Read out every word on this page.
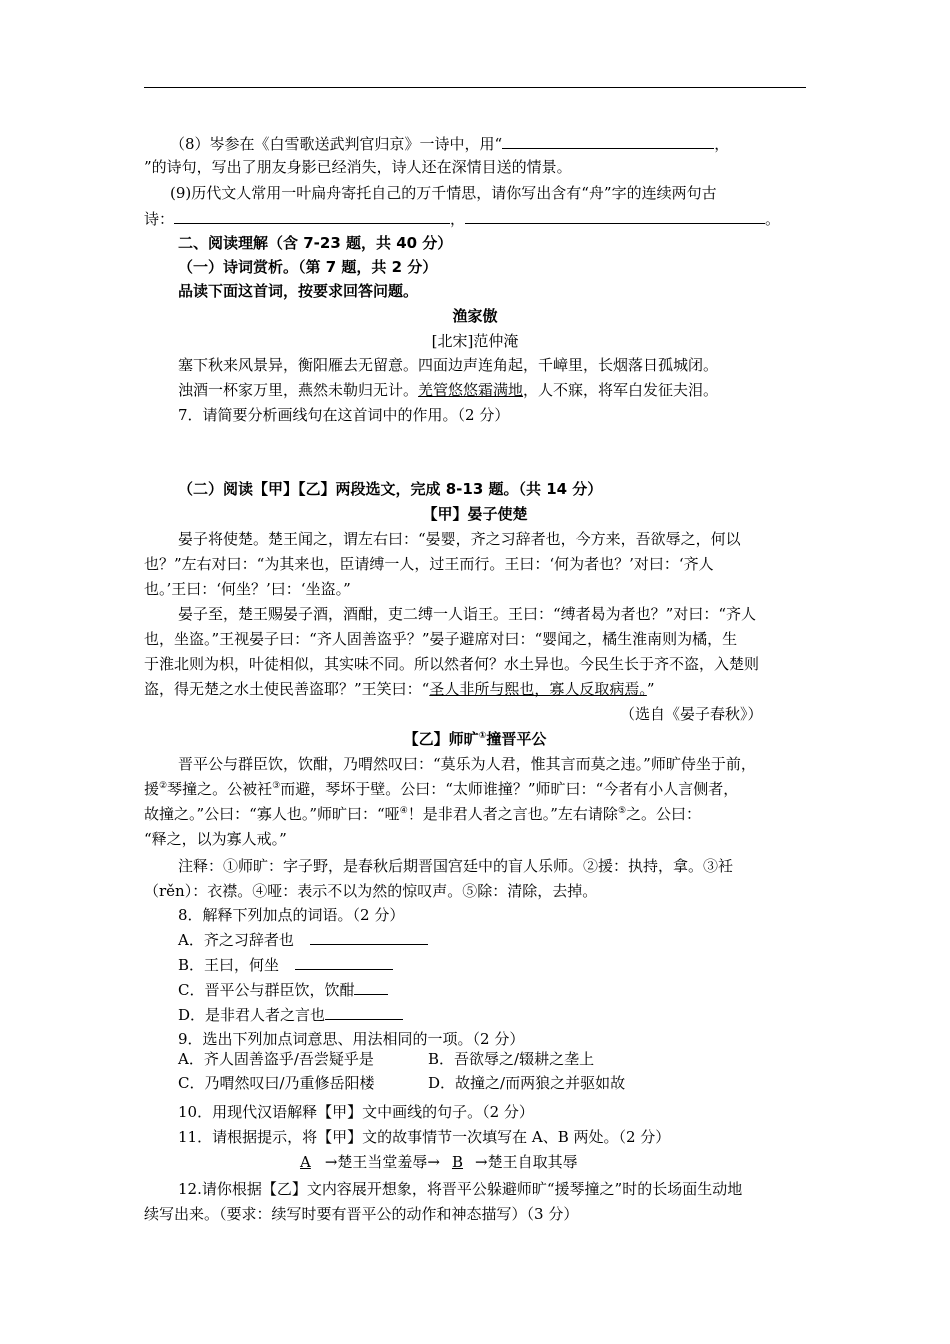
（8）岑参在《白雪歌送武判官归京》一诗中，用“	，
”的诗句，写出了朋友身影已经消失，诗人还在深情目送的情景。
(9)历代文人常用一叶扁舟寄托自己的万千情思，请你写出含有“舟”字的连续两句古
诗：	，	。
二、阅读理解（含 7-23 题，共 40 分）
（一）诗词赏析。（第 7 题，共 2 分）
品读下面这首词，按要求回答问题。
渔家傲
[北宋]范仲淹
塞下秋来风景异，衡阳雁去无留意。四面边声连角起，千嶂里，长烟落日孤城闭。
浊酒一杯家万里，燕然未勒归无计。羌管悠悠霜满地，人不寐，将军白发征夫泪。
7．请简要分析画线句在这首词中的作用。（2 分）
（二）阅读【甲】【乙】两段选文，完成 8-13 题。（共 14 分）
【甲】晏子使楚
晏子将使楚。楚王闻之，谓左右曰：“晏婴，齐之习辞者也，今方来，吾欲辱之，何以
也？”左右对曰：“为其来也，臣请缚一人，过王而行。王曰：‘何为者也？’对曰：‘齐人
也。’王曰：‘何坐？’曰：‘坐盗。”
晏子至，楚王赐晏子酒，酒酣，吏二缚一人诣王。王曰：“缚者曷为者也？”对曰：“齐人
也，坐盗。”王视晏子曰：“齐人固善盗乎？”晏子避席对曰：“婴闻之，橘生淮南则为橘，生
于淮北则为枳，叶徒相似，其实味不同。所以然者何？水土异也。今民生长于齐不盗，入楚则
盗，得无楚之水土使民善盗耶？”王笑曰：“圣人非所与熙也，寡人反取病焉。”
（选自《晏子春秋》）
【乙】师旷①撞晋平公
晋平公与群臣饮，饮酣，乃喟然叹曰：“莫乐为人君，惟其言而莫之违。”师旷侍坐于前，
援②琴撞之。公被衽③而避，琴坏于壁。公曰：“太师谁撞？”师旷曰：“今者有小人言侧者，
故撞之。”公曰：“寡人也。”师旷曰：“哑④！是非君人者之言也。”左右请除⑤之。公曰：
“释之，以为寡人戒。”
注释：①师旷：字子野，是春秋后期晋国宫廷中的盲人乐师。②援：执持，拿。③衽
（rěn）：衣襟。④哑：表示不以为然的惊叹声。⑤除：清除，去掉。
8．解释下列加点的词语。（2 分）
A．齐之习辞者也
B．王曰，何坐
C．晋平公与群臣饮，饮酣
D．是非君人者之言也
9．选出下列加点词意思、用法相同的一项。（2 分）
A．齐人固善盗乎/吾尝疑乎是	B．吾欲辱之/辍耕之垄上
C．乃喟然叹曰/乃重修岳阳楼	D．故撞之/而两狼之并驱如故
10．用现代汉语解释【甲】文中画线的句子。（2 分）
11．请根据提示，将【甲】文的故事情节一次填写在 A、B 两处。（2 分）
A →楚王当堂羞辱→ B →楚王自取其辱
12.请你根据【乙】文内容展开想象，将晋平公躲避师旷“援琴撞之”时的长场面生动地
续写出来。（要求：续写时要有晋平公的动作和神态描写）（3 分）
